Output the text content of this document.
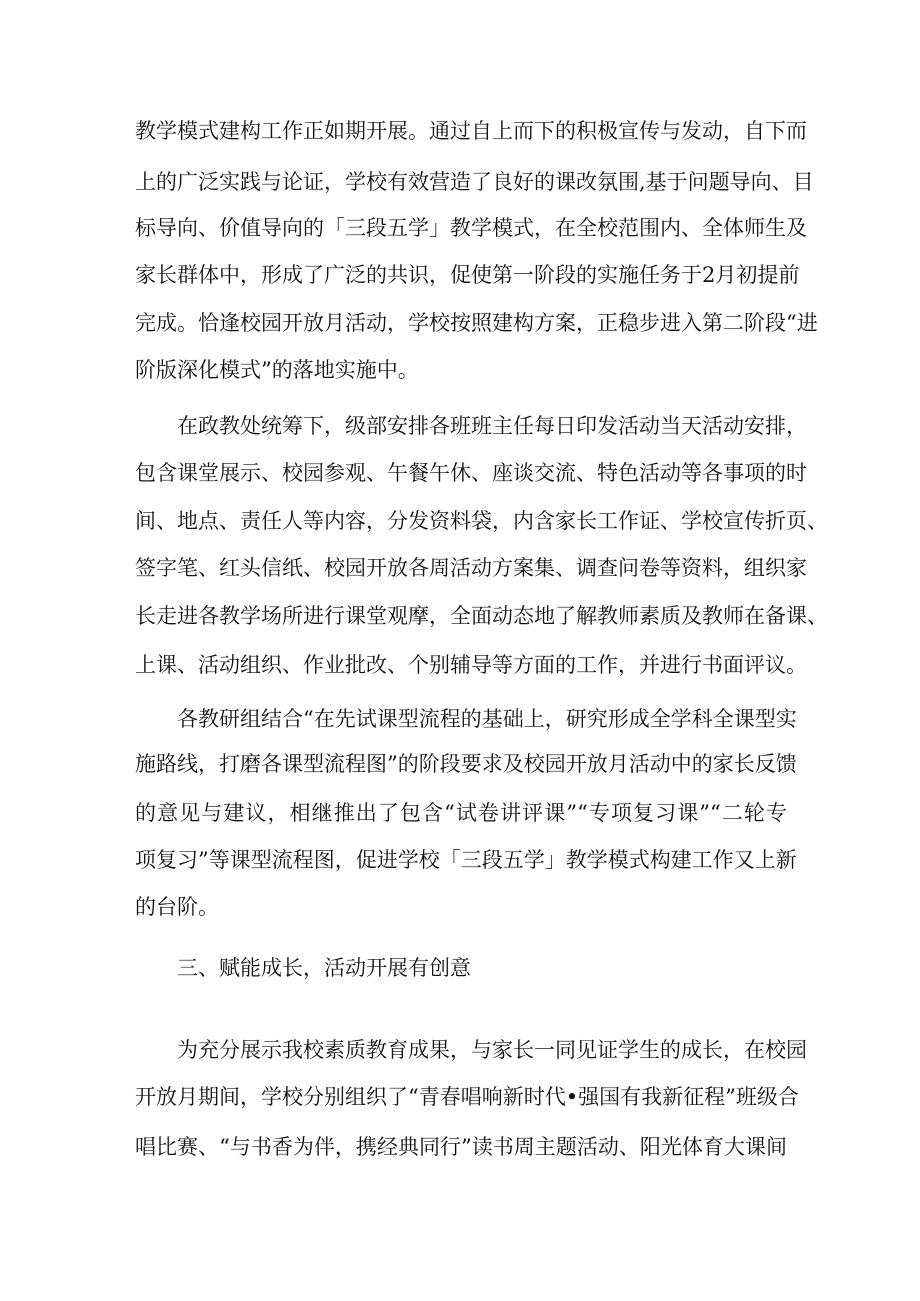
教学模式建构工作正如期开展。通过自上而下的积极宣传与发动，自下而
上的广泛实践与论证，学校有效营造了良好的课改氛围,基于问题导向、目
标导向、价值导向的「三段五学」教学模式，在全校范围内、全体师生及
家长群体中，形成了广泛的共识，促使第一阶段的实施任务于2月初提前
完成。恰逢校园开放月活动，学校按照建构方案，正稳步进入第二阶段“进
阶版深化模式”的落地实施中。
在政教处统筹下，级部安排各班班主任每日印发活动当天活动安排，
包含课堂展示、校园参观、午餐午休、座谈交流、特色活动等各事项的时
间、地点、责任人等内容，分发资料袋，内含家长工作证、学校宣传折页、
签字笔、红头信纸、校园开放各周活动方案集、调查问卷等资料，组织家
长走进各教学场所进行课堂观摩，全面动态地了解教师素质及教师在备课、
上课、活动组织、作业批改、个别辅导等方面的工作，并进行书面评议。
各教研组结合“在先试课型流程的基础上，研究形成全学科全课型实
施路线，打磨各课型流程图”的阶段要求及校园开放月活动中的家长反馈
的意见与建议，相继推出了包含“试卷讲评课”“专项复习课”“二轮专
项复习”等课型流程图，促进学校「三段五学」教学模式构建工作又上新
的台阶。
三、赋能成长，活动开展有创意
为充分展示我校素质教育成果，与家长一同见证学生的成长，在校园
开放月期间，学校分别组织了“青春唱响新时代•强国有我新征程”班级合
唱比赛、“与书香为伴，携经典同行”读书周主题活动、阳光体育大课间
